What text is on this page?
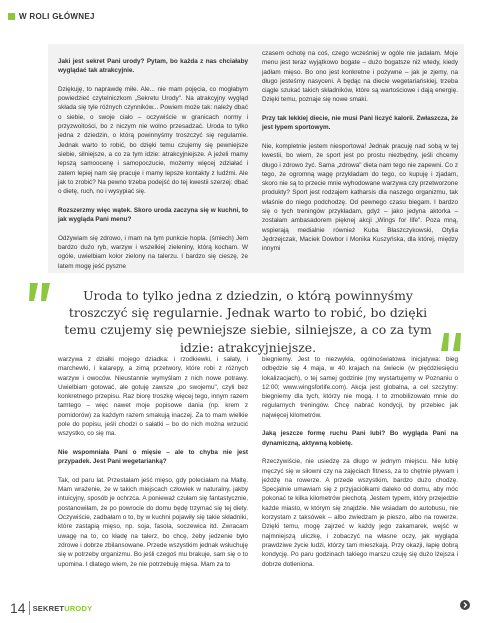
W ROLI GŁÓWNEJ

Jaki jest sekret Pani urody? Pytam, bo każda z nas chciałaby wyglądać tak atrakcyjnie.

Dziękuję, to naprawdę miłe. Ale... nie mam pojęcia, co mogłabym powiedzieć czytelniczkom „Sekretu Urody". Na atrakcyjny wygląd składa się tyle różnych czynników... Powiem może tak: należy dbać o siebie, o swoje ciało – oczywiście w granicach normy i przyzwoitości, bo z niczym nie wolno przesadzać. Uroda to tylko jedna z dziedzin, o którą powinnyśmy troszczyć się regularnie. Jednak warto to robić, bo dzięki temu czujemy się pewniejsze siebie, silniejsze, a co za tym idzie: atrakcyjniejsze. A jeżeli mamy lepszą samoocenę i samopoczucie, możemy więcej zdziałać i zatem lepiej nam się pracuje i mamy lepsze kontakty z ludźmi. Ale jak to zrobić? Na pewno trzeba podejść do tej kwestii szerzej: dbać o dietę, ruch, no i wysypiać się.

Rozszerzmy więc wątek. Skoro uroda zaczyna się w kuchni, to jak wygląda Pani menu?

Odżywiam się zdrowo, i mam na tym punkcie hopla. (śmiech) Jem bardzo dużo ryb, warzyw i wszelkiej zieleniny, którą kocham. W ogóle, uwielbiam kolor zielony na talerzu. I bardzo się cieszę, że latem mogę jeść pyszne

czasem ochotę na coś, czego wcześniej w ogóle nie jadałam. Moje menu jest teraz wyjątkowo bogate – dużo bogatsze niż wtedy, kiedy jadłam mięso. Bo ono jest konkretne i pożywne – jak je zjemy, na długo jesteśmy nasyceni. A będąc na diecie wegetariańskiej, trzeba ciągle szukać takich składników, które są wartościowe i dają energię. Dzięki temu, poznaje się nowe smaki.

Przy tak lekkiej diecie, nie musi Pani liczyć kalorii. Zwłaszcza, że jest łypem sportowym.

Nie, kompletnie jestem niesportowa! Jednak pracuję nad sobą w tej kwestii, bo wiem, że sport jest po prostu niezbędny, jeśli chcemy długo i zdrowo żyć. Sama „zdrowa" dieta nam tego nie zapewni. Co z tego, że ogromną wagę przykładam do tego, co kupuję i zjadam, skoro nie są to przecie mnie wyhodowane warzywa czy przetworzone produkty? Sport jest rodzajem katharsis dla naszego organizmu, tak właśnie do niego podchodzę. Od pewnego czasu biegam. I bardzo się o tych treningów przykładam, gdyż – jako jedyna aktorka – zostałam ambasadorem pięknej akcji „Wings for life". Poza mną, wspierają medialnie również Kuba Błaszczykowski, Otylia Jędrzejczak, Maciek Dowbor i Monika Kuszyńska, dla której, między innymi

Uroda to tylko jedna z dziedzin, o którą powinnyśmy troszczyć się regularnie. Jednak warto to robić, bo dzięki temu czujemy się pewniejsze siebie, silniejsze, a co za tym idzie: atrakcyjniejsze.

warzywa z działki mojego dziadka: i rzodkiewki, i sałaty, i marchewki, i kalarepy, a zimą przetwory, które robi z różnych warzyw i owoców. Nieustannie wymyślam z nich nowe potrawy. Uwielbiam gotować, ale gotuję zawsze „po swojemu", czyli bez konkretnego przepisu. Raz biorę troszkę więcej tego, innym razem tamtego – więc nawet moje popisowe dania (np. krem z pomidorów) za każdym razem smakują inaczej. Za to mam wielkie pole do popisu, jeśli chodzi o sałatki – bo do nich można wrzucić wszystko, co się ma.

Nie wspomniała Pani o mięsie – ale to chyba nie jest przypadek. Jest Pani wegetarianką?

Tak, od paru lat. Przestałam jeść mięso, gdy poleciałam na Maltę. Mam wrażenie, że w takich miejscach człowiek w naturalny, jakby intuicyjny, sposób je ochrzca. A ponieważ czułam się fantastycznie, postanowiłam, że po powrocie do domu będę trzymać się tej diety. Oczywiście, zadbałam o to, by w kuchni pojawiły się takie składniki, które zastąpią mięso, np. soja, fasola, soczewica itd. Zwracam uwagę na to, co kładę na talerz, bo chcę, żeby jedzenie było zdrowe i dobrze zbilansowane. Przede wszystkim jednak wsłuchuję się w potrzeby organizmu. Bo jeśli czegoś mu brakuje, sam się o to upomina. I dlatego wiem, że nie potrzebuję mięsa. Mam za to

biegniemy. Jest to niezwykła, ogólnoświatowa inicjatywa: bieg odbędzie się 4 maja, w 40 krajach na świecie (w pięćdziesięciu lokalizacjach), o tej samej godzinie (my wystartujemy w Poznaniu o 12:00; www.wingsforlife.com). Akcja jest globalna, a cel szczytny: biegniemy dla tych, którzy nie mogą. I to zmobilizowało mnie do regularnych treningów. Chcę nabrać kondycji, by przebiec jak najwięcej kilometrów.

Jaką jeszcze formę ruchu Pani lubi? Bo wygląda Pani na dynamiczną, aktywną kobietę.

Rzeczywiście, nie usiedzę za długo w jednym miejscu. Nie lubię męczyć się w siłowni czy na zajęciach fitness, za to chętnie pływam i jeżdżę na rowerze. A przede wszystkim, bardzo dużo chodzę. Specjalnie umawiam się z przyjaciółkami daleko od domu, aby móc pokonać te kilka kilometrów piechotą. Jestem typem, który przejedzie każde miasto, w którym się znajdzie. Nie wsiadam do autobusu, nie korzystam z taksówek – albo zwiedzam je pieszo, albo na rowerze. Dzięki temu, mogę zajrzeć w każdy jego zakamarek, wejść w najmniejszą uliczkę, i zobaczyć na własne oczy, jak wygląda prawdziwe życie ludzi, którzy tam mieszkają. Przy okazji, łapię dobrą kondycję. Po paru godzinach takiego marszu czuję się dużo lżejsza i dobrze dotleniona.

14 SEKRET URODY
